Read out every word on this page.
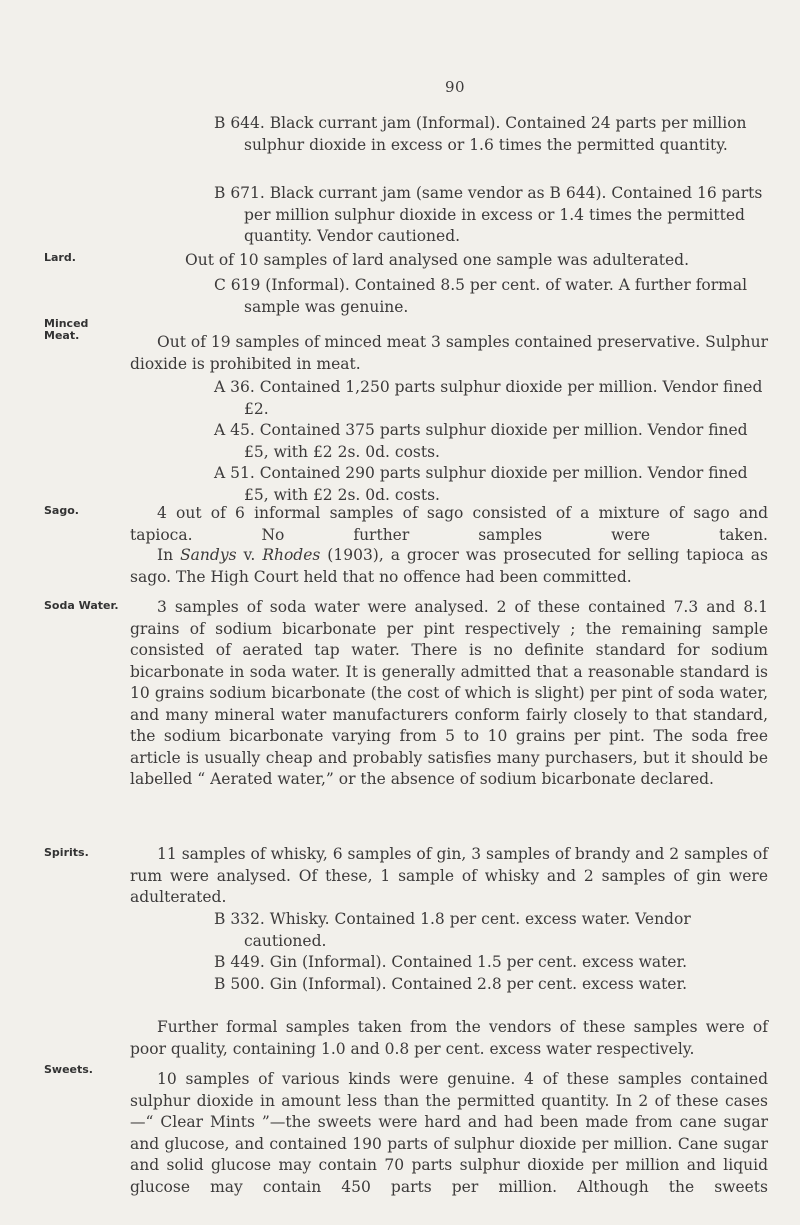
90
B 644. Black currant jam (Informal). Contained 24 parts per million sulphur dioxide in excess or 1.6 times the permitted quantity.
B 671. Black currant jam (same vendor as B 644). Contained 16 parts per million sulphur dioxide in excess or 1.4 times the permitted quantity. Vendor cautioned.
Lard.	Out of 10 samples of lard analysed one sample was adulterated.
C 619 (Informal). Contained 8.5 per cent. of water. A further formal sample was genuine.
Minced Meat.	Out of 19 samples of minced meat 3 samples contained preservative. Sulphur dioxide is prohibited in meat.
A 36. Contained 1,250 parts sulphur dioxide per million. Vendor fined £2.
A 45. Contained 375 parts sulphur dioxide per million. Vendor fined £5, with £2 2s. 0d. costs.
A 51. Contained 290 parts sulphur dioxide per million. Vendor fined £5, with £2 2s. 0d. costs.
Sago.	4 out of 6 informal samples of sago consisted of a mixture of sago and tapioca. No further samples were taken.
In Sandys v. Rhodes (1903), a grocer was prosecuted for selling tapioca as sago. The High Court held that no offence had been committed.
Soda Water.	3 samples of soda water were analysed. 2 of these contained 7.3 and 8.1 grains of sodium bicarbonate per pint respectively ; the remaining sample consisted of aerated tap water. There is no definite standard for sodium bicarbonate in soda water. It is generally admitted that a reasonable standard is 10 grains sodium bicarbonate (the cost of which is slight) per pint of soda water, and many mineral water manufacturers conform fairly closely to that standard, the sodium bicarbonate varying from 5 to 10 grains per pint. The soda free article is usually cheap and probably satisfies many purchasers, but it should be labelled “ Aerated water,” or the absence of sodium bicarbonate declared.
Spirits.	11 samples of whisky, 6 samples of gin, 3 samples of brandy and 2 samples of rum were analysed. Of these, 1 sample of whisky and 2 samples of gin were adulterated.
B 332. Whisky. Contained 1.8 per cent. excess water. Vendor cautioned.
B 449. Gin (Informal). Contained 1.5 per cent. excess water.
B 500. Gin (Informal). Contained 2.8 per cent. excess water.
Further formal samples taken from the vendors of these samples were of poor quality, containing 1.0 and 0.8 per cent. excess water respectively.
Sweets.
10 samples of various kinds were genuine. 4 of these samples contained sulphur dioxide in amount less than the permitted quantity. In 2 of these cases—“ Clear Mints ”—the sweets were hard and had been made from cane sugar and glucose, and contained 190 parts of sulphur dioxide per million. Cane sugar and solid glucose may contain 70 parts sulphur dioxide per million and liquid glucose may contain 450 parts per million. Although the sweets
